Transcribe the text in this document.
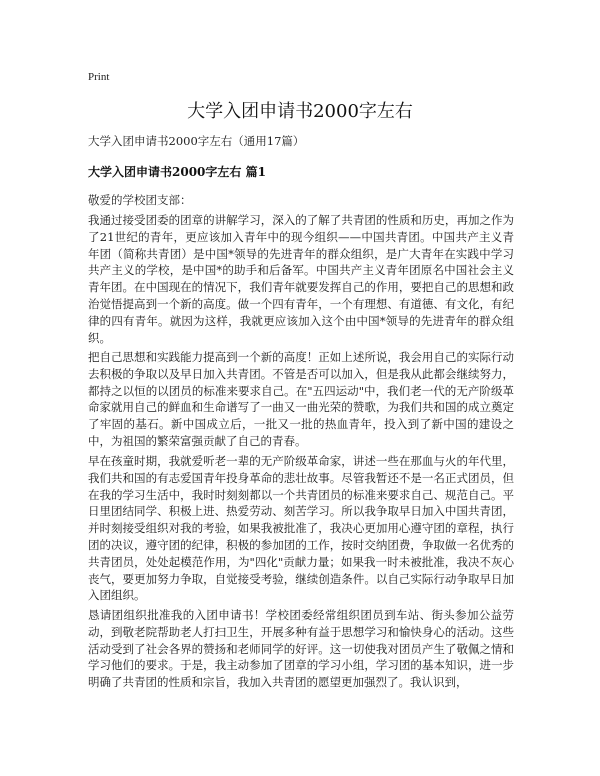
Print
大学入团申请书2000字左右
大学入团申请书2000字左右（通用17篇）
大学入团申请书2000字左右 篇1
敬爱的学校团支部：

我通过接受团委的团章的讲解学习，深入的了解了共青团的性质和历史，再加之作为了21世纪的青年，更应该加入青年中的现今组织——中国共青团。中国共产主义青年团（简称共青团）是中国*领导的先进青年的群众组织，是广大青年在实践中学习共产主义的学校，是中国*的助手和后备军。中国共产主义青年团原名中国社会主义青年团。在中国现在的情况下，我们青年就要发挥自己的作用，要把自己的思想和政治觉悟提高到一个新的高度。做一个四有青年，一个有理想、有道德、有文化，有纪律的四有青年。就因为这样，我就更应该加入这个由中国*领导的先进青年的群众组织。

把自己思想和实践能力提高到一个新的高度！正如上述所说，我会用自己的实际行动去积极的争取以及早日加入共青团。不管是否可以加入，但是我从此都会继续努力，都持之以恒的以团员的标准来要求自己。在"五四运动"中，我们老一代的无产阶级革命家就用自己的鲜血和生命谱写了一曲又一曲光荣的赞歌，为我们共和国的成立奠定了牢固的基石。新中国成立后，一批又一批的热血青年，投入到了新中国的建设之中，为祖国的繁荣富强贡献了自己的青春。

早在孩童时期，我就爱听老一辈的无产阶级革命家，讲述一些在那血与火的年代里，我们共和国的有志爱国青年投身革命的悲壮故事。尽管我暂还不是一名正式团员，但在我的学习生活中，我时时刻刻都以一个共青团员的标准来要求自己、规范自己。平日里团结同学、积极上进、热爱劳动、刻苦学习。所以我争取早日加入中国共青团，并时刻接受组织对我的考验，如果我被批准了，我决心更加用心遵守团的章程，执行团的决议，遵守团的纪律，积极的参加团的工作，按时交纳团费，争取做一名优秀的共青团员，处处起模范作用，为"四化"贡献力量；如果我一时未被批准，我决不灰心丧气，要更加努力争取，自觉接受考验，继续创造条件。以自己实际行动争取早日加入团组织。

恳请团组织批准我的入团申请书！学校团委经常组织团员到车站、街头参加公益劳动，到敬老院帮助老人打扫卫生，开展多种有益于思想学习和愉快身心的活动。这些活动受到了社会各界的赞扬和老师同学的好评。这一切使我对团员产生了敬佩之情和学习他们的要求。于是，我主动参加了团章的学习小组，学习团的基本知识，进一步明确了共青团的性质和宗旨，我加入共青团的愿望更加强烈了。我认识到，
